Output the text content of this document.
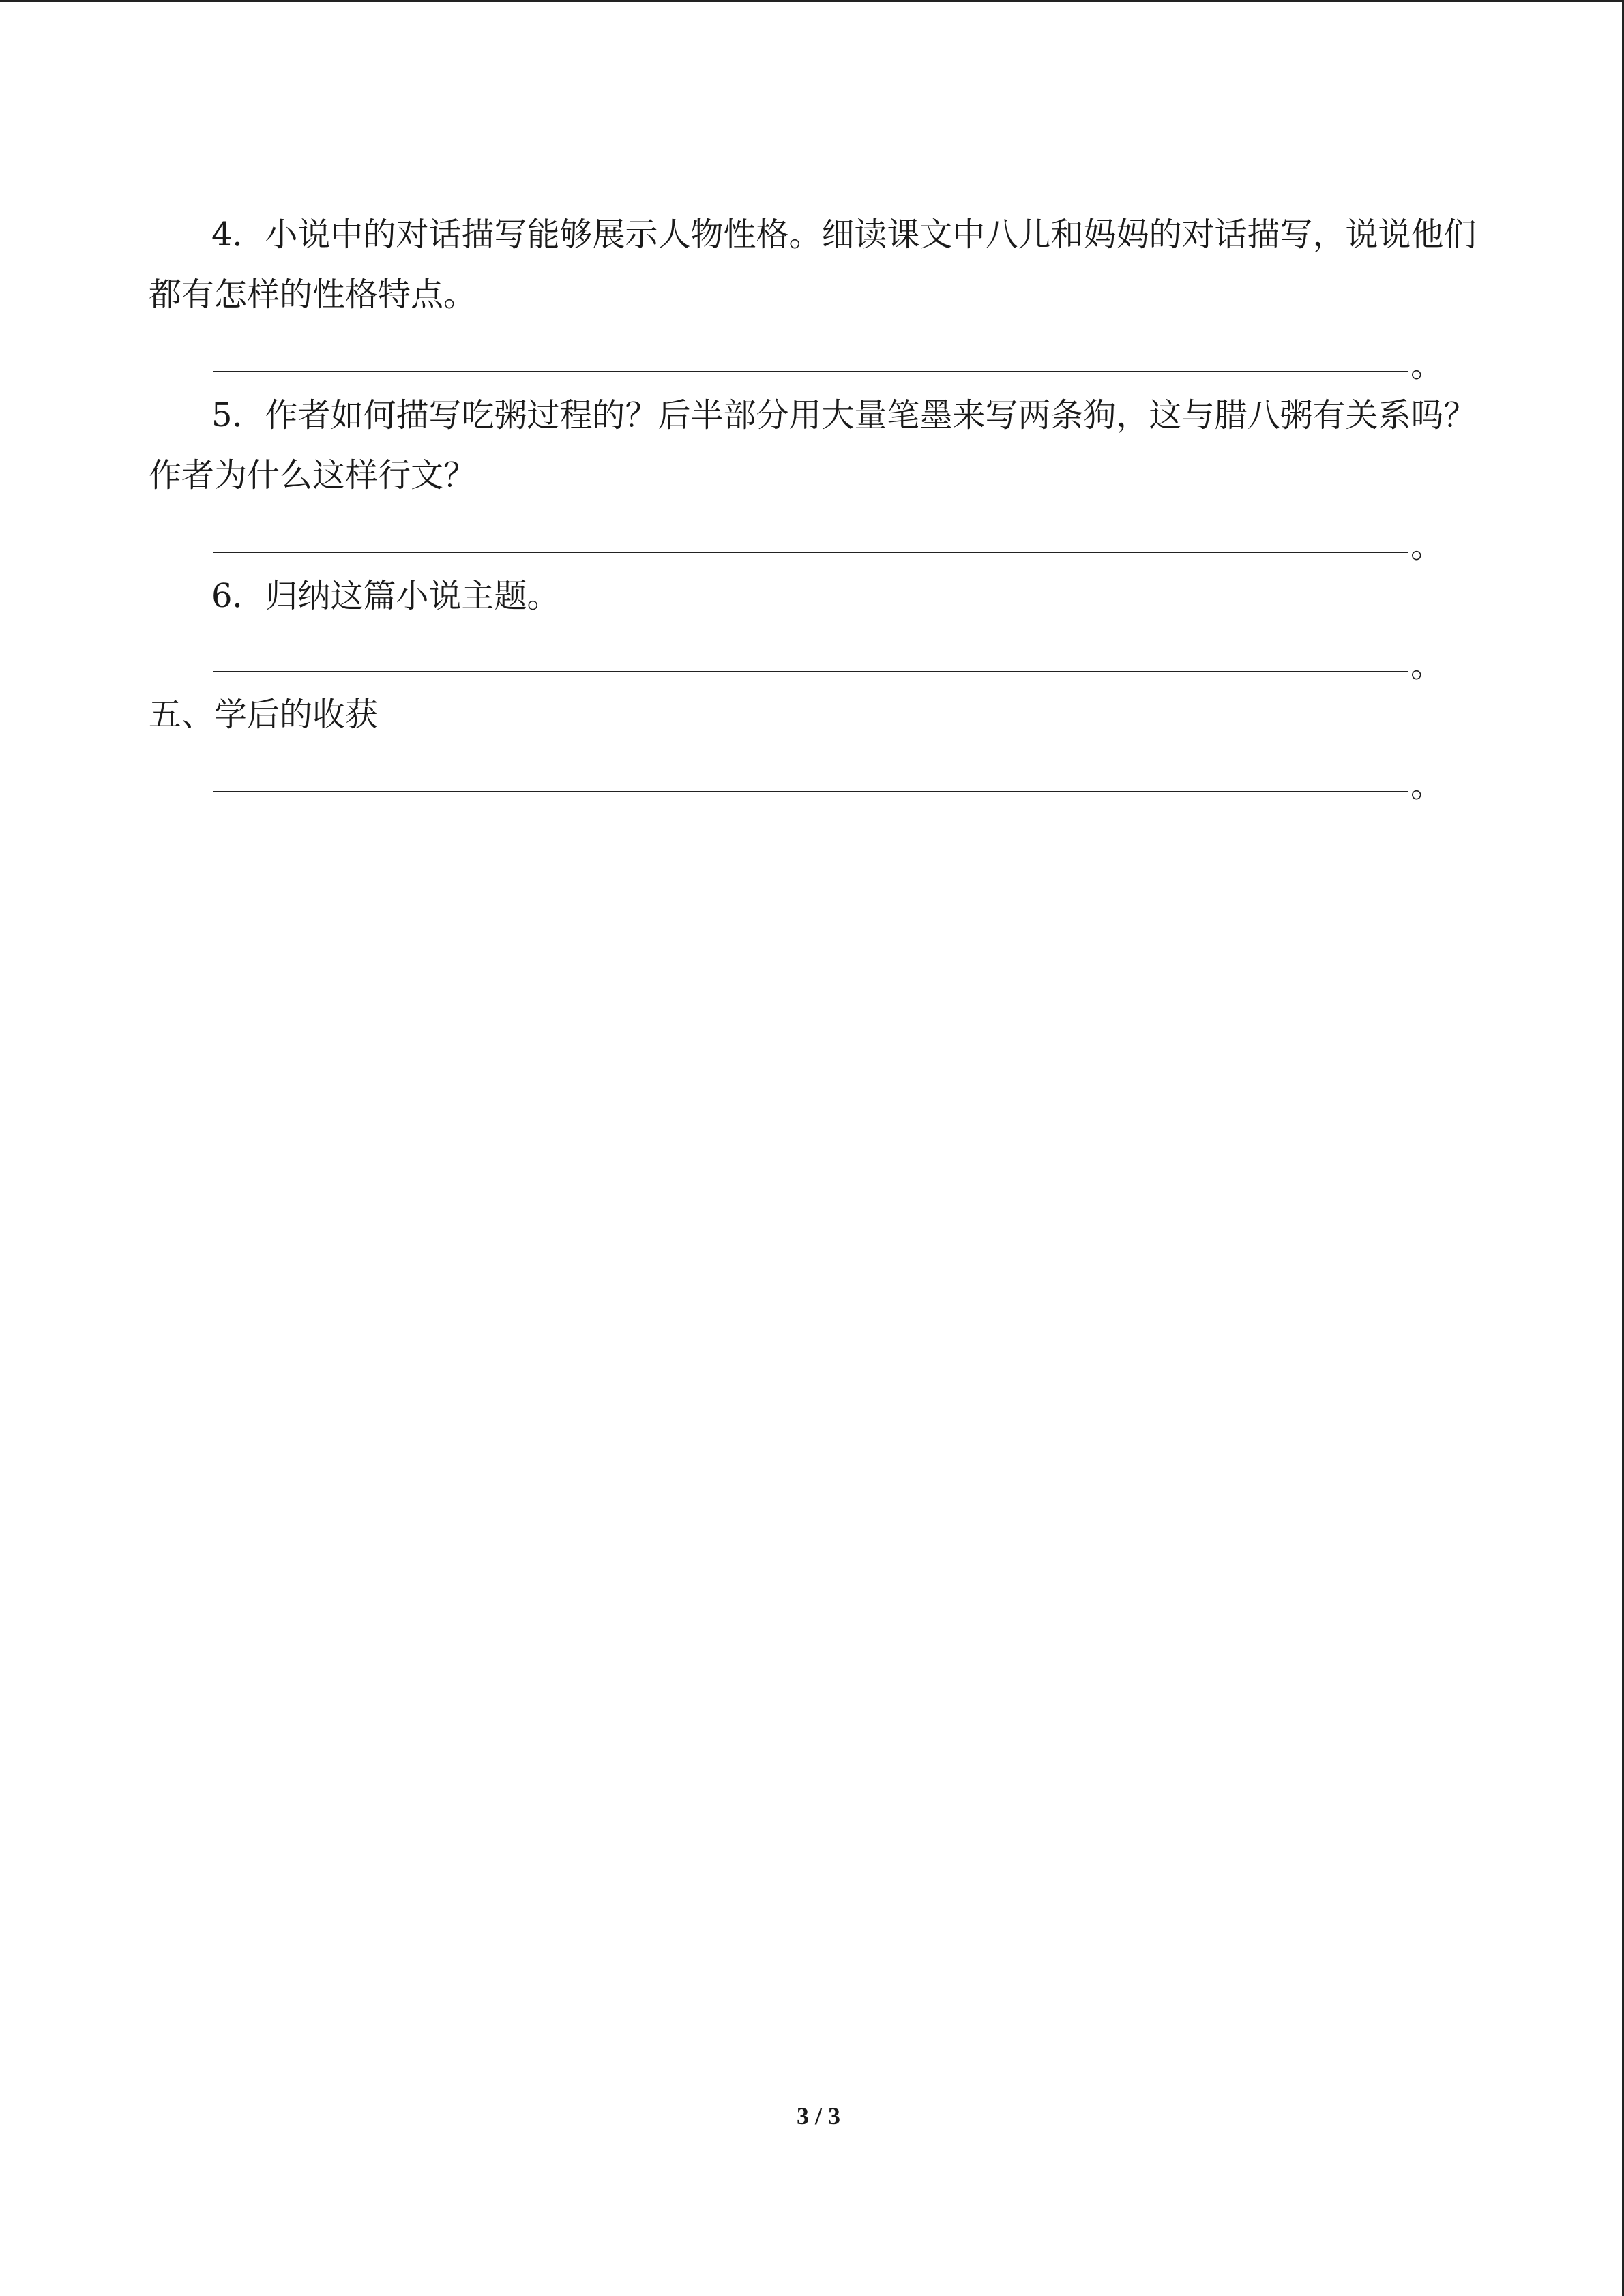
4．小说中的对话描写能够展示人物性格。细读课文中八儿和妈妈的对话描写，说说他们都有怎样的性格特点。
。
5．作者如何描写吃粥过程的？后半部分用大量笔墨来写两条狗，这与腊八粥有关系吗？作者为什么这样行文？
。
6．归纳这篇小说主题。
。
五、学后的收获
。
3 / 3
